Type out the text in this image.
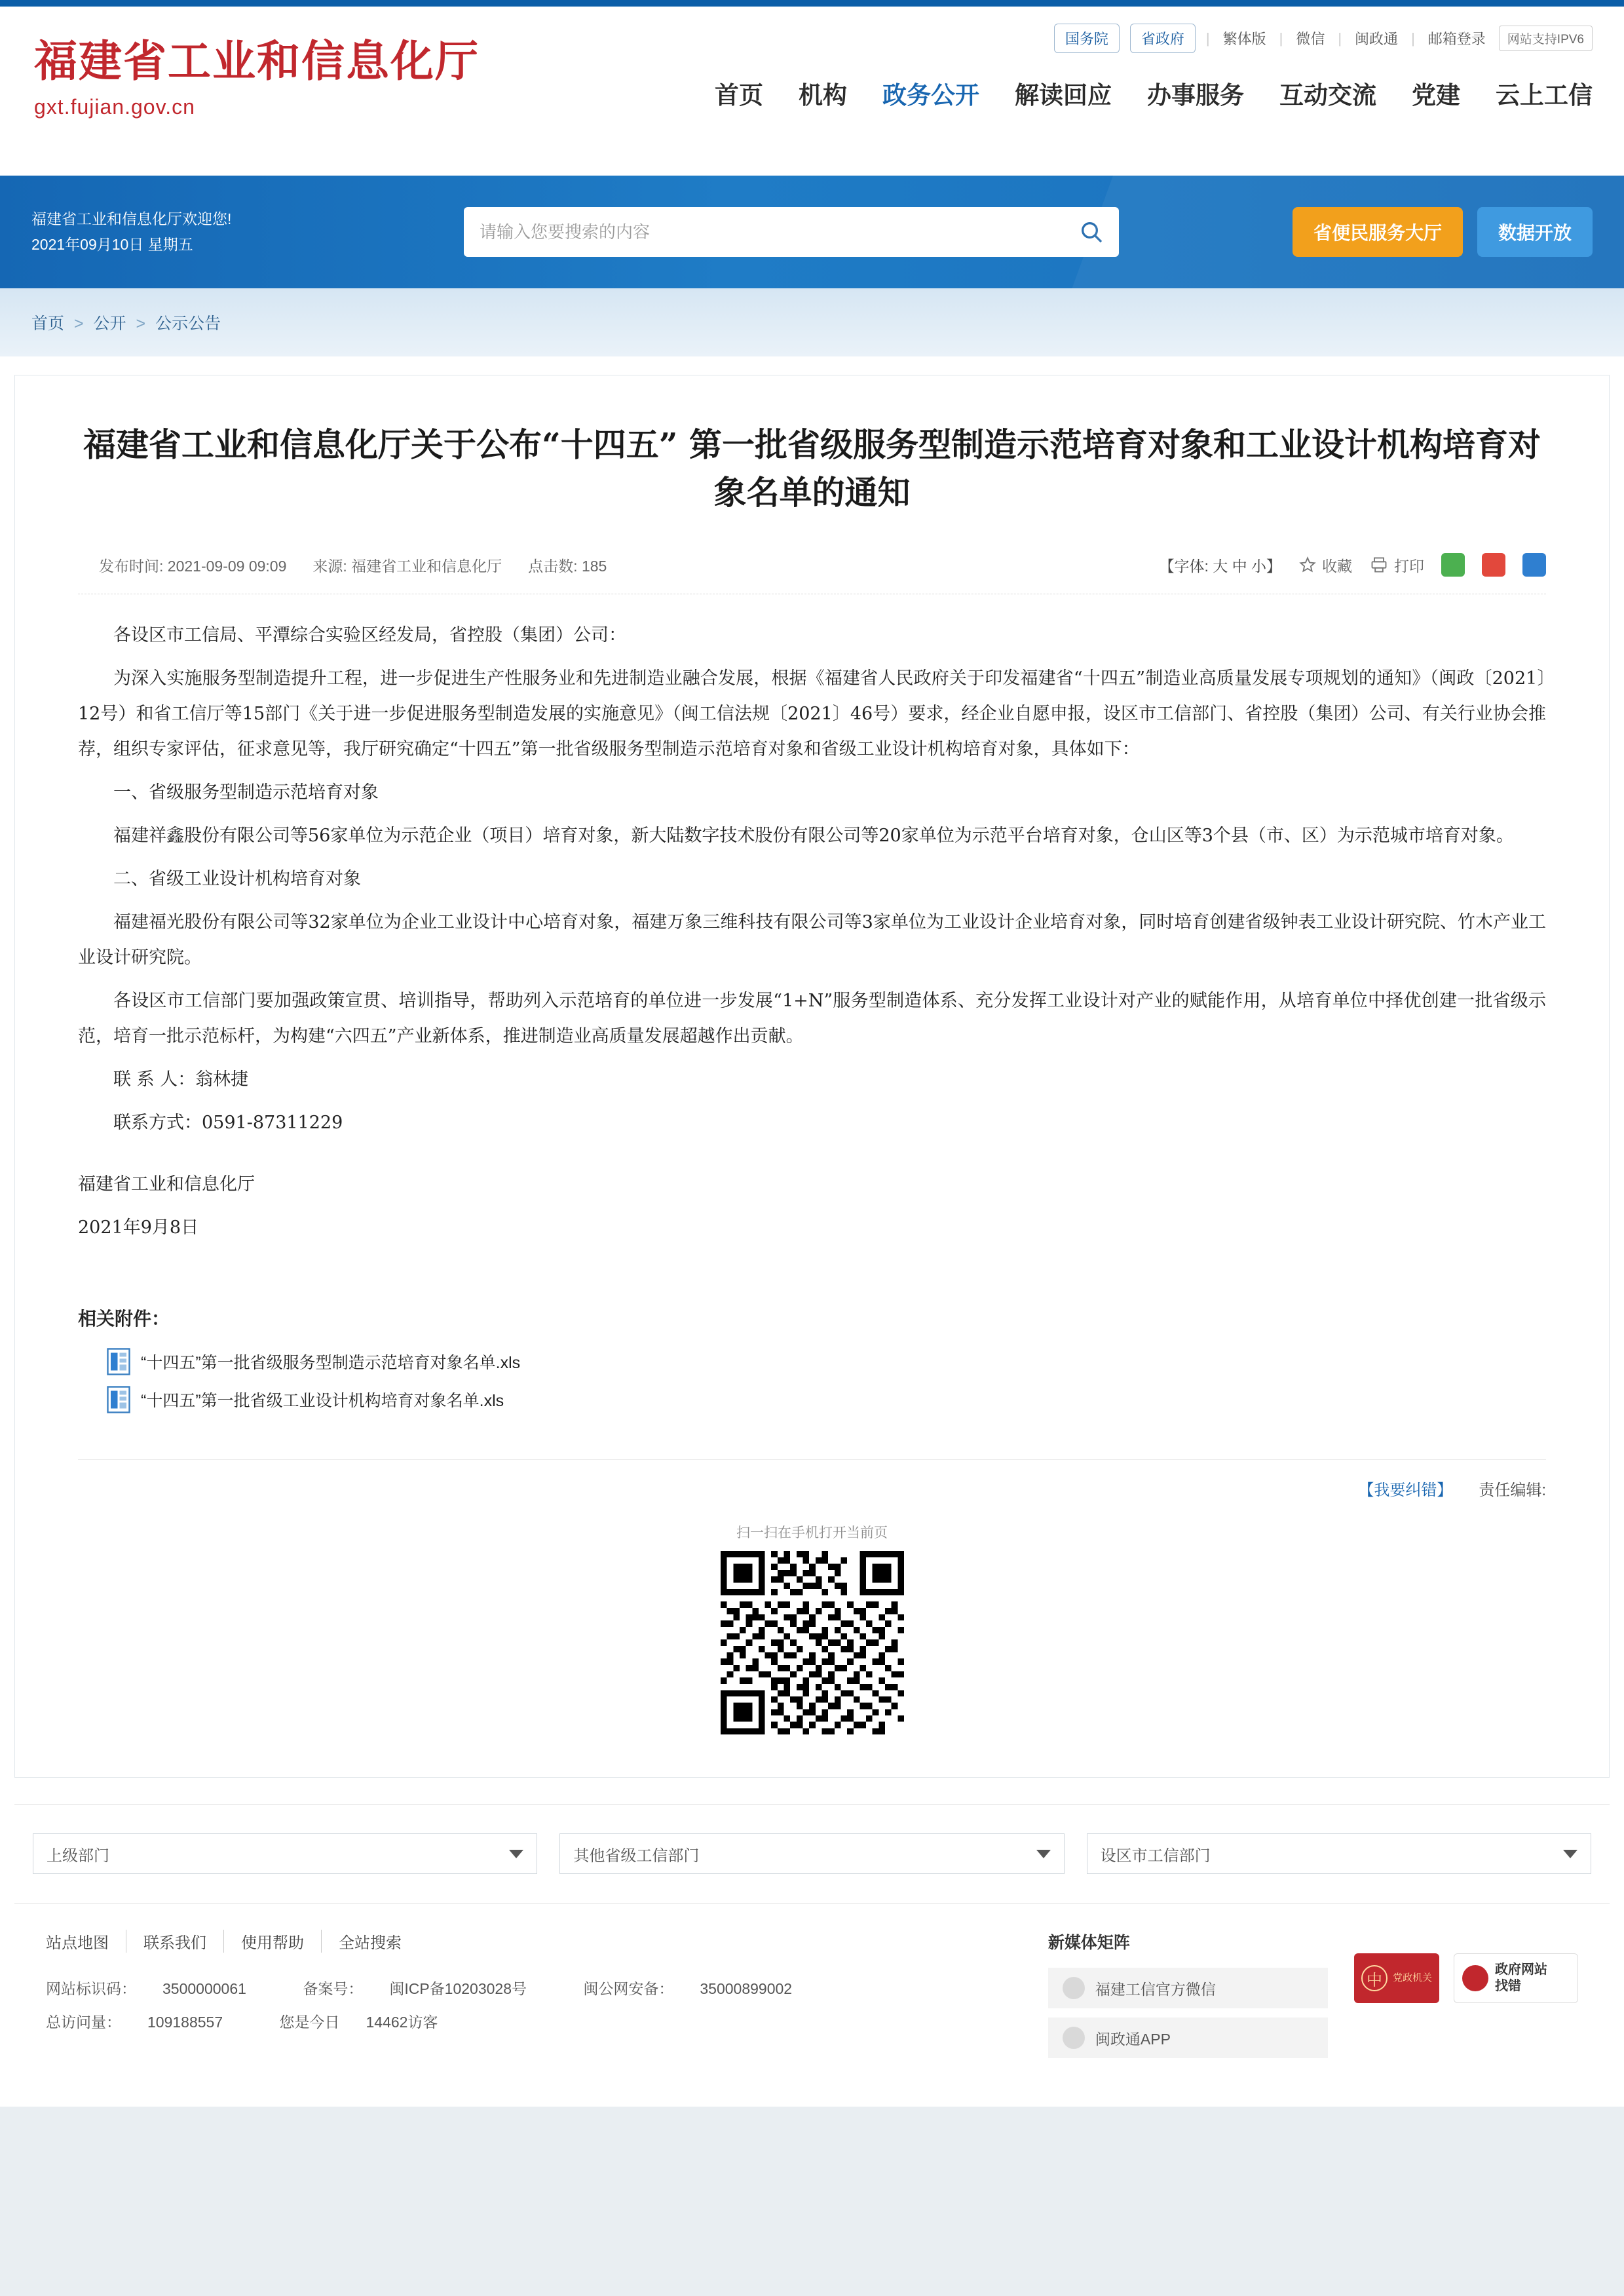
福建省工业和信息化厅
gxt.fujian.gov.cn
国务院	省政府	| 繁体版 | 微信 | 闽政通 | 邮箱登录	网站支持IPV6
首页 机构 政务公开 解读回应 办事服务 互动交流 党建 云上工信
福建省工业和信息化厅欢迎您!
2021年09月10日 星期五
请输入您要搜索的内容
省便民服务大厅	数据开放
首页 > 公开 > 公示公告
福建省工业和信息化厅关于公布“十四五” 第一批省级服务型制造示范培育对象和工业设计机构培育对象名单的通知
发布时间: 2021-09-09 09:09 来源: 福建省工业和信息化厅 点击数: 185	【字体: 大 中 小】	收藏	打印

各设区市工信局、平潭综合实验区经发局，省控股（集团）公司：

为深入实施服务型制造提升工程，进一步促进生产性服务业和先进制造业融合发展，根据《福建省人民政府关于印发福建省“十四五”制造业高质量发展专项规划的通知》（闽政〔2021〕12号）和省工信厅等15部门《关于进一步促进服务型制造发展的实施意见》（闽工信法规〔2021〕46号）要求，经企业自愿申报，设区市工信部门、省控股（集团）公司、有关行业协会推荐，组织专家评估，征求意见等，我厅研究确定“十四五”第一批省级服务型制造示范培育对象和省级工业设计机构培育对象，具体如下：

一、省级服务型制造示范培育对象

福建祥鑫股份有限公司等56家单位为示范企业（项目）培育对象，新大陆数字技术股份有限公司等20家单位为示范平台培育对象，仓山区等3个县（市、区）为示范城市培育对象。

二、省级工业设计机构培育对象

福建福光股份有限公司等32家单位为企业工业设计中心培育对象，福建万象三维科技有限公司等3家单位为工业设计企业培育对象，同时培育创建省级钟表工业设计研究院、竹木产业工业设计研究院。

各设区市工信部门要加强政策宣贯、培训指导，帮助列入示范培育的单位进一步发展“1+N”服务型制造体系、充分发挥工业设计对产业的赋能作用，从培育单位中择优创建一批省级示范，培育一批示范标杆，为构建“六四五”产业新体系，推进制造业高质量发展超越作出贡献。

联 系 人：翁林捷

联系方式：0591-87311229

福建省工业和信息化厅

2021年9月8日

相关附件：
“十四五”第一批省级服务型制造示范培育对象名单.xls
“十四五”第一批省级工业设计机构培育对象名单.xls
【我要纠错】 责任编辑:
扫一扫在手机打开当前页
上级部门	其他省级工信部门	设区市工信部门
站点地图	联系我们	使用帮助	全站搜索
网站标识码： 3500000061	备案号： 闽ICP备10203028号	闽公网安备： 35000899002
总访问量： 109188557	您是今日 14462访客
新媒体矩阵
福建工信官方微信
闽政通APP
中	党政机关
政府网站
找错
